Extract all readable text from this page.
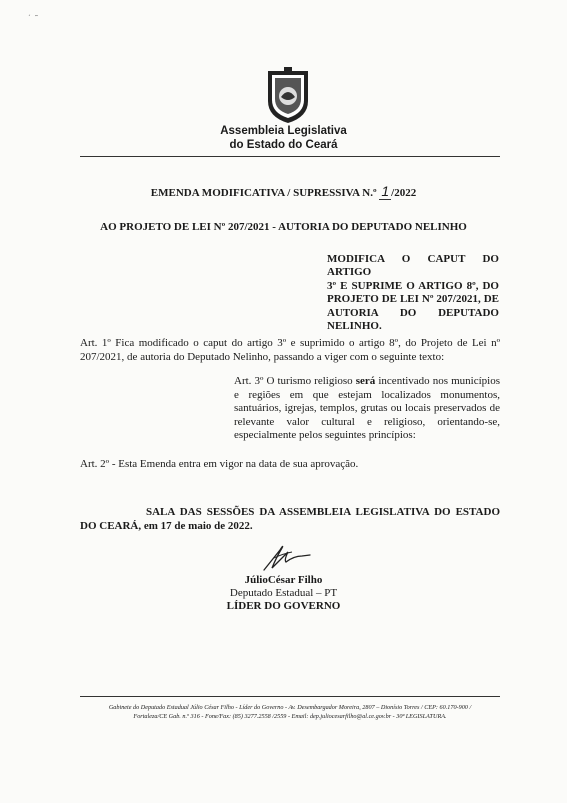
ˊ  ˜
Assembleia Legislativa
do Estado do Ceará
EMENDA MODIFICATIVA / SUPRESSIVA N.º 1 /2022
AO PROJETO DE LEI Nº 207/2021 - AUTORIA DO DEPUTADO NELINHO
MODIFICA O CAPUT DO ARTIGO
3º E SUPRIME O ARTIGO 8º, DO
PROJETO DE LEI Nº 207/2021, DE
AUTORIA DO DEPUTADO
NELINHO.
Art. 1º Fica modificado o caput do artigo 3º e suprimido o artigo 8º, do Projeto de Lei nº 207/2021, de autoria do Deputado Nelinho, passando a viger com o seguinte texto:
Art. 3º O turismo religioso será incentivado nos municípios e regiões em que estejam localizados monumentos, santuários, igrejas, templos, grutas ou locais preservados de relevante valor cultural e religioso, orientando-se, especialmente pelos seguintes princípios:
Art. 2º - Esta Emenda entra em vigor na data de sua aprovação.
SALA DAS SESSÕES DA ASSEMBLEIA LEGISLATIVA DO ESTADO DO CEARÁ, em 17 de maio de 2022.
JúlioCésar Filho
Deputado Estadual – PT
LÍDER DO GOVERNO
Gabinete do Deputado Estadual Júlio César Filho - Líder do Governo - Av. Desembargador Moreira, 2807 – Dionísio Torres / CEP: 60.170-900 /
Fortaleza/CE Gab. n.º 316 - Fone/Fax: (85) 3277.2558 /2559 - Email: dep.juliocesarfilho@al.ce.gov.br - 30ª LEGISLATURA.
